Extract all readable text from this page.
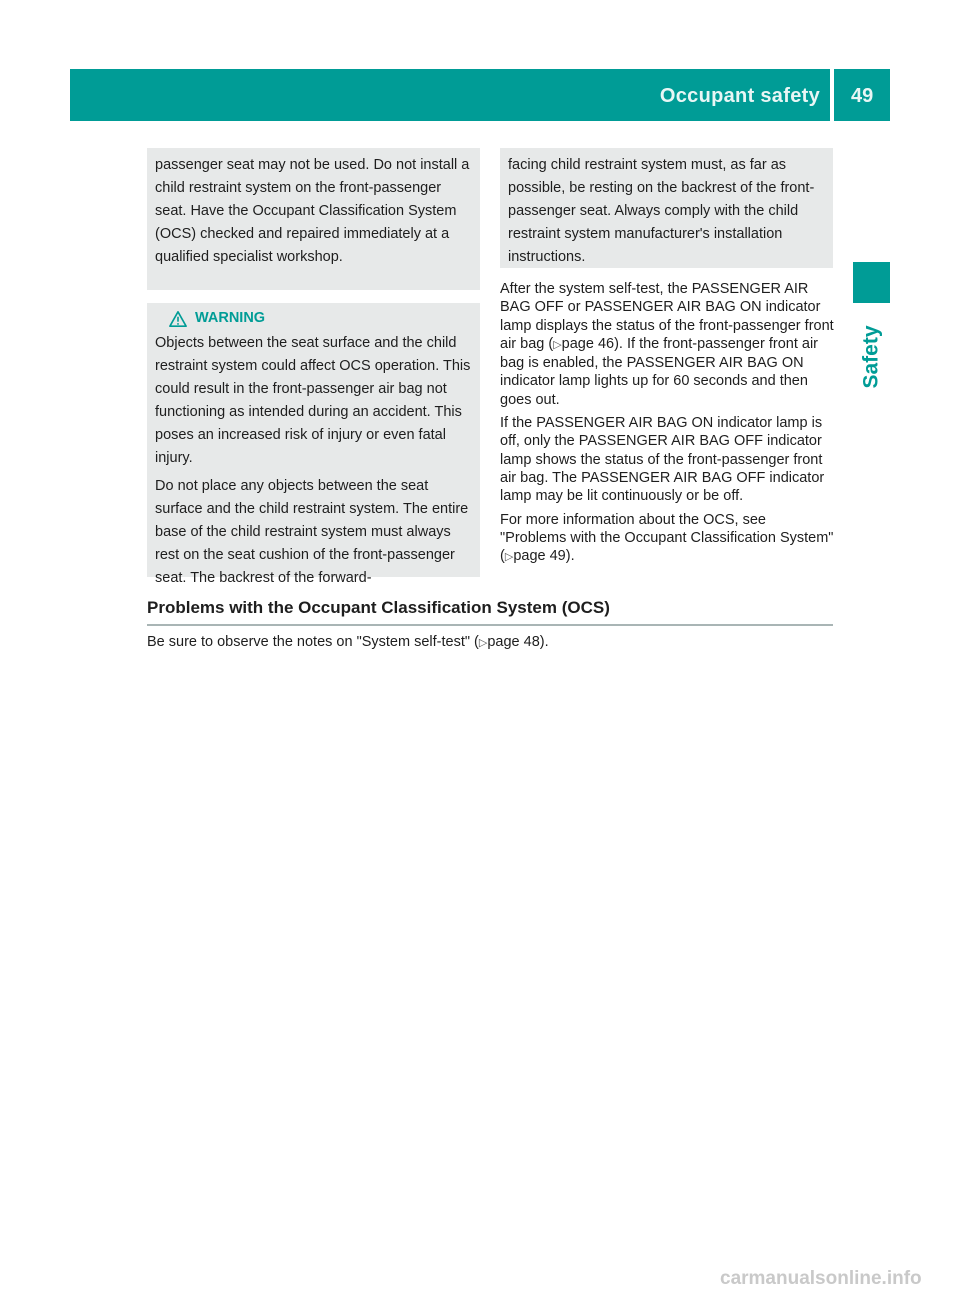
Occupant safety 49
Safety

passenger seat may not be used. Do not install a child restraint system on the front-passenger seat. Have the Occupant Classification System (OCS) checked and repaired immediately at a qualified specialist workshop.

WARNING

Objects between the seat surface and the child restraint system could affect OCS operation. This could result in the front-passenger air bag not functioning as intended during an accident. This poses an increased risk of injury or even fatal injury.

Do not place any objects between the seat surface and the child restraint system. The entire base of the child restraint system must always rest on the seat cushion of the front-passenger seat. The backrest of the forward-

facing child restraint system must, as far as possible, be resting on the backrest of the front-passenger seat. Always comply with the child restraint system manufacturer's installation instructions.

After the system self-test, the PASSENGER AIR BAG OFF or PASSENGER AIR BAG ON indicator lamp displays the status of the front-passenger front air bag (▷page 46). If the front-passenger front air bag is enabled, the PASSENGER AIR BAG ON indicator lamp lights up for 60 seconds and then goes out.

If the PASSENGER AIR BAG ON indicator lamp is off, only the PASSENGER AIR BAG OFF indicator lamp shows the status of the front-passenger front air bag. The PASSENGER AIR BAG OFF indicator lamp may be lit continuously or be off.

For more information about the OCS, see "Problems with the Occupant Classification System" (▷page 49).

Problems with the Occupant Classification System (OCS)
Be sure to observe the notes on "System self-test" (▷page 48).
carmanualsonline.info
